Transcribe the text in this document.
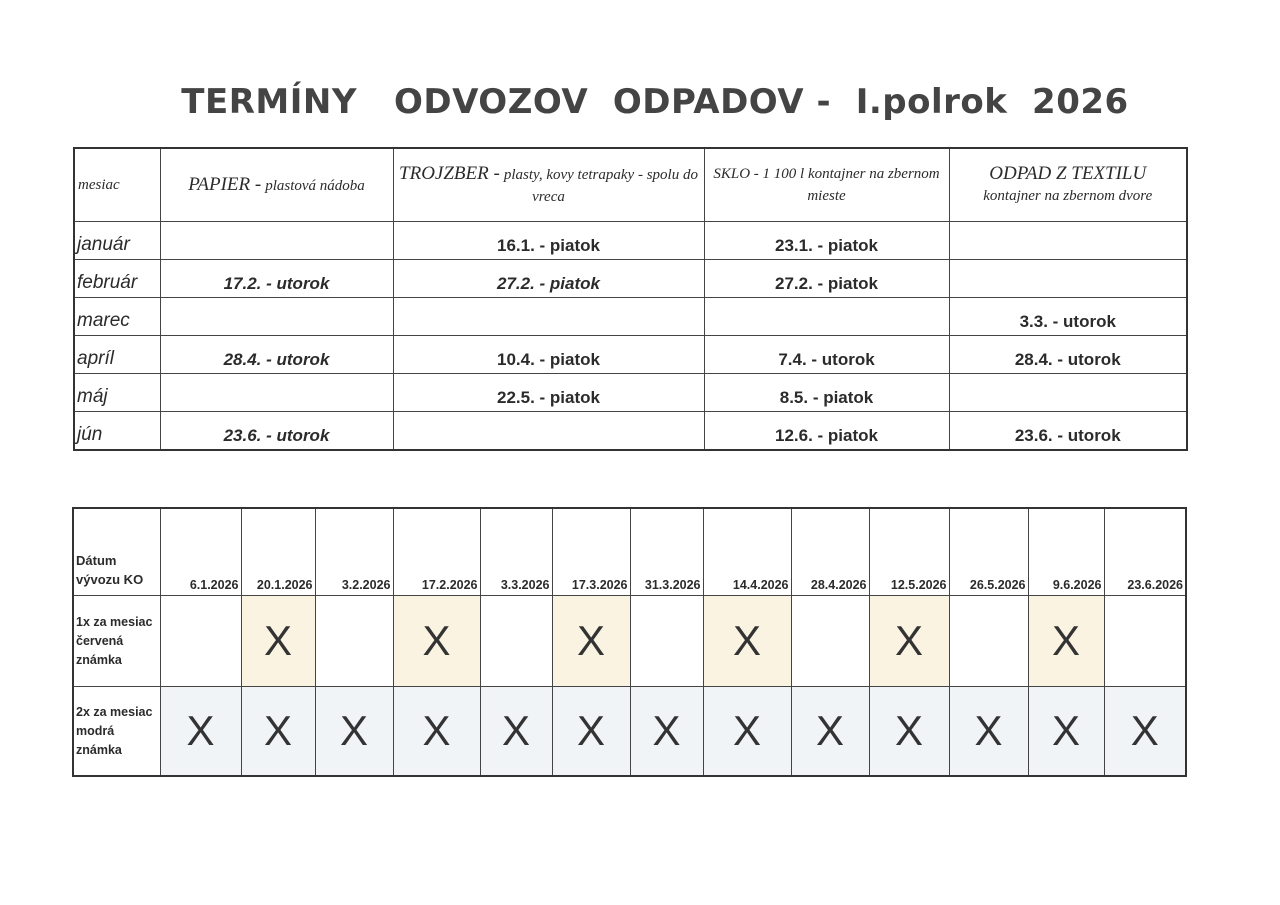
TERMÍNY   ODVOZOV  ODPADOV -  I.polrok  2026
mesiac	PAPIER - plastová nádoba	TROJZBER - plasty, kovy tetrapaky - spolu do vreca	SKLO - 1 100 l kontajner na zbernom mieste	ODPAD Z TEXTILU
kontajner na zbernom dvore

január		16.1. - piatok	23.1. - piatok	
február	17.2. - utorok	27.2. - piatok	27.2. - piatok	
marec				3.3. - utorok
apríl	28.4. - utorok	10.4. - piatok	7.4. - utorok	28.4. - utorok
máj		22.5. - piatok	8.5. - piatok	
jún	23.6. - utorok		12.6. - piatok	23.6. - utorok
Dátum vývozu KO	6.1.2026	20.1.2026	3.2.2026	17.2.2026	3.3.2026	17.3.2026	31.3.2026	14.4.2026	28.4.2026	12.5.2026	26.5.2026	9.6.2026	23.6.2026
1x za mesiac červená známka		X		X		X		X		X		X	
2x za mesiac modrá známka	X	X	X	X	X	X	X	X	X	X	X	X	X
